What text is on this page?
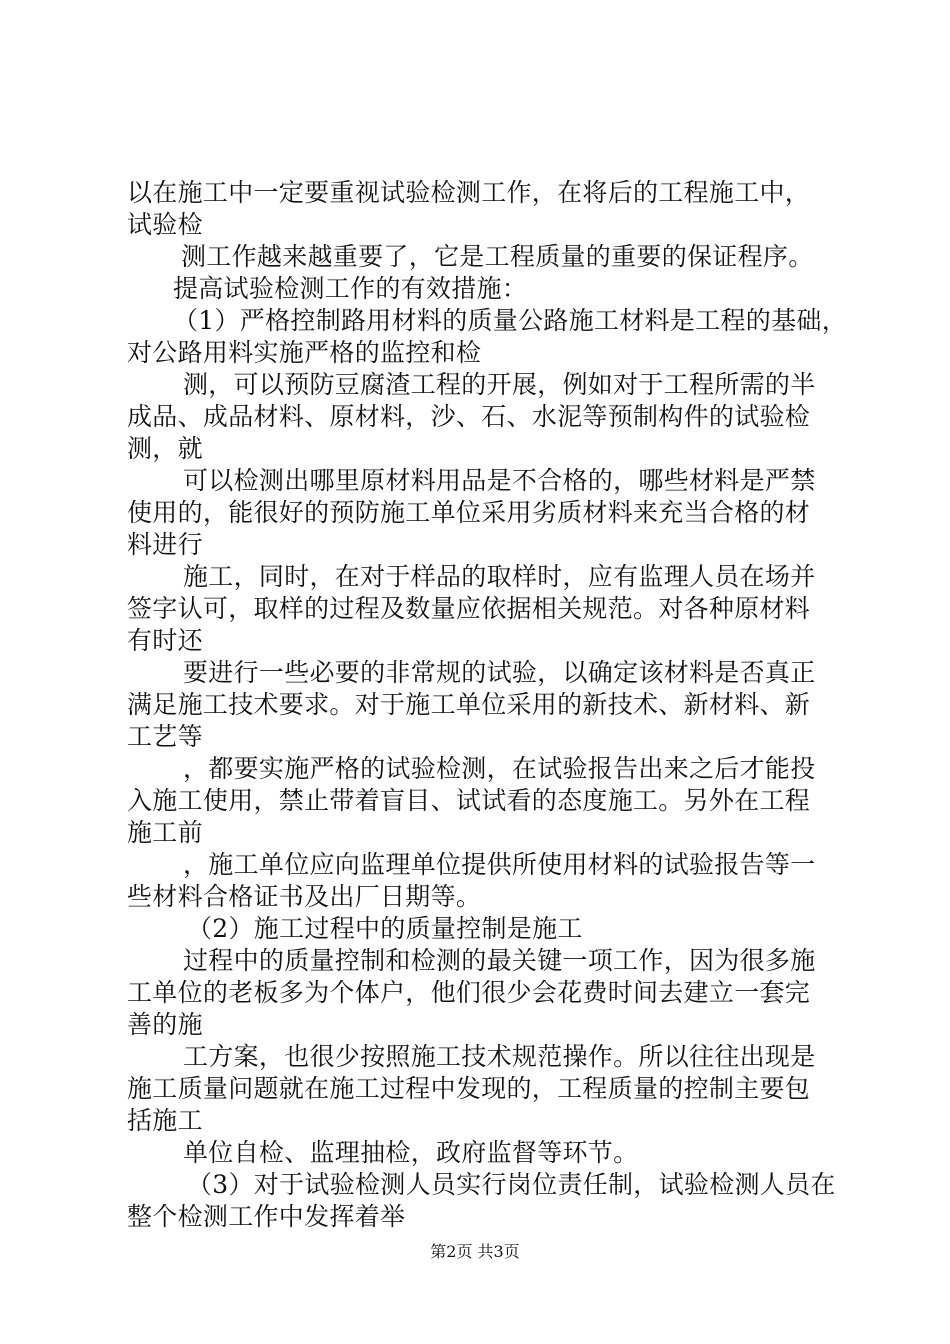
以在施工中一定要重视试验检测工作，在将后的工程施工中，
试验检
测工作越来越重要了，它是工程质量的重要的保证程序。
提高试验检测工作的有效措施：
（1）严格控制路用材料的质量公路施工材料是工程的基础，
对公路用料实施严格的监控和检
测，可以预防豆腐渣工程的开展，例如对于工程所需的半
成品、成品材料、原材料，沙、石、水泥等预制构件的试验检
测，就
可以检测出哪里原材料用品是不合格的，哪些材料是严禁
使用的，能很好的预防施工单位采用劣质材料来充当合格的材
料进行
施工，同时，在对于样品的取样时，应有监理人员在场并
签字认可，取样的过程及数量应依据相关规范。对各种原材料
有时还
要进行一些必要的非常规的试验，以确定该材料是否真正
满足施工技术要求。对于施工单位采用的新技术、新材料、新
工艺等
，都要实施严格的试验检测，在试验报告出来之后才能投
入施工使用，禁止带着盲目、试试看的态度施工。另外在工程
施工前
，施工单位应向监理单位提供所使用材料的试验报告等一
些材料合格证书及出厂日期等。
（2）施工过程中的质量控制是施工
过程中的质量控制和检测的最关键一项工作，因为很多施
工单位的老板多为个体户，他们很少会花费时间去建立一套完
善的施
工方案，也很少按照施工技术规范操作。所以往往出现是
施工质量问题就在施工过程中发现的，工程质量的控制主要包
括施工
单位自检、监理抽检，政府监督等环节。
（3）对于试验检测人员实行岗位责任制，试验检测人员在
整个检测工作中发挥着举
第2页 共3页
